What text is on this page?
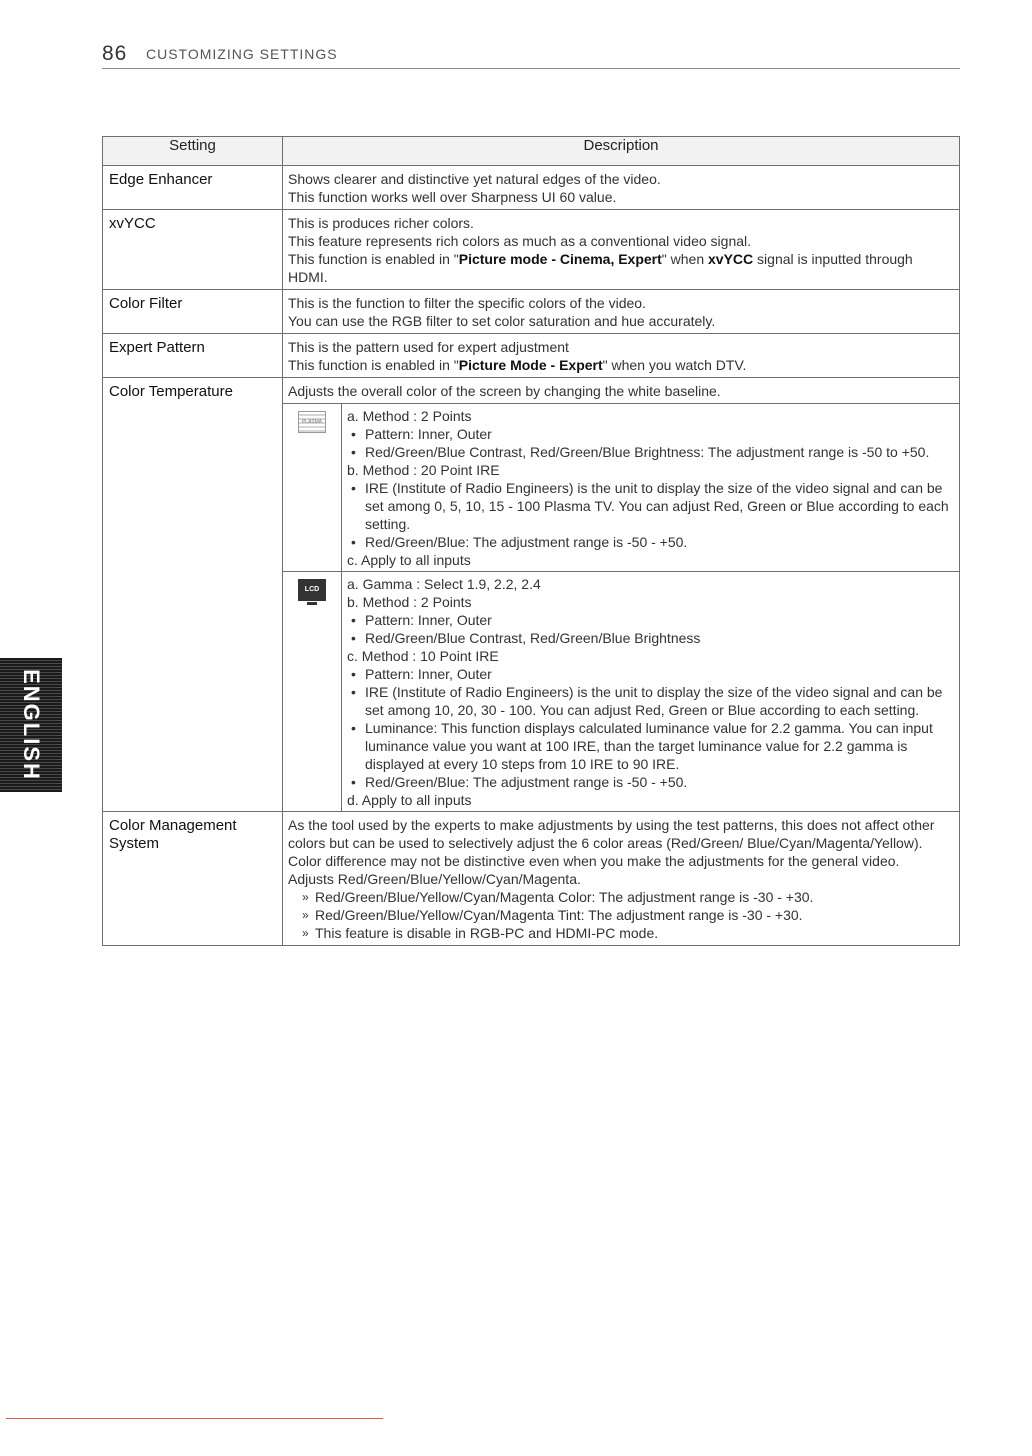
86 CUSTOMIZING SETTINGS
ENGLISH
Setting	Description
Edge Enhancer	Shows clearer and distinctive yet natural edges of the video.

This function works well over Sharpness UI 60 value.

xvYCC	This is produces richer colors.

This feature represents rich colors as much as a conventional video signal.

This function is enabled in "Picture mode - Cinema, Expert" when xvYCC signal is inputted through HDMI.

Color Filter	This is the function to filter the specific colors of the video.

You can use the RGB filter to set color saturation and hue accurately.

Expert Pattern	This is the pattern used for expert adjustment

This function is enabled in "Picture Mode - Expert" when you watch DTV.

Color Temperature	Adjusts the overall color of the screen by changing the white baseline.
PLASMA	a. Method : 2 Points

• Pattern: Inner, Outer

• Red/Green/Blue Contrast, Red/Green/Blue Brightness: The adjustment range is -50 to +50.

b. Method : 20 Point IRE

• IRE (Institute of Radio Engineers) is the unit to display the size of the video signal and can be set among 0, 5, 10, 15 - 100 Plasma TV. You can adjust Red, Green or Blue according to each setting.

• Red/Green/Blue: The adjustment range is -50 - +50.

c. Apply to all inputs

LCD	a. Gamma : Select 1.9, 2.2, 2.4

b. Method : 2 Points

• Pattern: Inner, Outer

• Red/Green/Blue Contrast, Red/Green/Blue Brightness

c. Method : 10 Point IRE

• Pattern: Inner, Outer

• IRE (Institute of Radio Engineers) is the unit to display the size of the video signal and can be set among 10, 20, 30 - 100. You can adjust Red, Green or Blue according to each setting.

• Luminance: This function displays calculated luminance value for 2.2 gamma. You can input luminance value you want at 100 IRE, than the target luminance value for 2.2 gamma is displayed at every 10 steps from 10 IRE to 90 IRE.

• Red/Green/Blue: The adjustment range is -50 - +50.

d. Apply to all inputs

Color Management System	

As the tool used by the experts to make adjustments by using the test patterns, this does not affect other colors but can be used to selectively adjust the 6 color areas (Red/Green/ Blue/Cyan/Magenta/Yellow).

Color difference may not be distinctive even when you make the adjustments for the general video.

Adjusts Red/Green/Blue/Yellow/Cyan/Magenta.

» Red/Green/Blue/Yellow/Cyan/Magenta Color: The adjustment range is -30 - +30.

» Red/Green/Blue/Yellow/Cyan/Magenta Tint: The adjustment range is -30 - +30.

» This feature is disable in RGB-PC and HDMI-PC mode.
